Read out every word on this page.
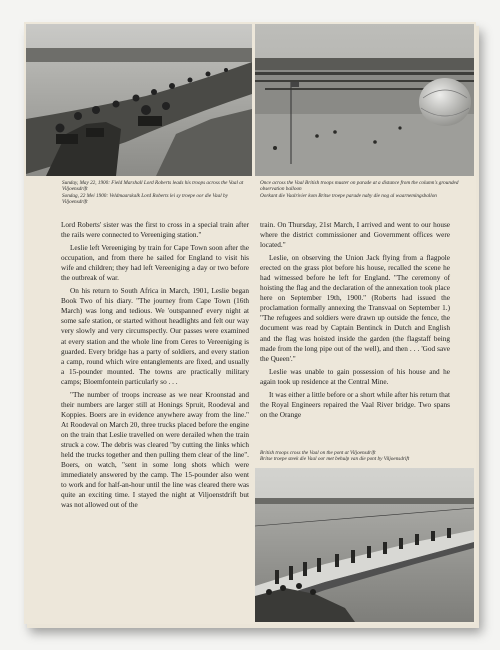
Sunday, May 22, 1900: Field Marshall Lord Roberts leads his troops across the Vaal at Viljoensdrift

Sondag, 22 Mei 1900: Veldmaarskalk Lord Roberts lei sy troepe oor die Vaal by Viljoensdrift

Once across the Vaal British troops muster on parade at a distance from the column's grounded observation balloon

Oorkant die Vaalrivier kom Britse troepe parade naby die nog al waarnemingsballon

Lord Roberts' sister was the first to cross in a special train after the rails were connected to Vereeniging station."

Leslie left Vereeniging by train for Cape Town soon after the occupation, and from there he sailed for England to visit his wife and children; they had left Vereeniging a day or two before the outbreak of war.

On his return to South Africa in March, 1901, Leslie began Book Two of his diary. "The journey from Cape Town (16th March) was long and tedious. We 'outspanned' every night at some safe station, or started without headlights and felt our way very slowly and very circumspectly. Our passes were examined at every station and the whole line from Ceres to Vereeniging is guarded. Every bridge has a party of soldiers, and every station a camp, round which wire entanglements are fixed, and usually a 15-pounder mounted. The towns are practically military camps; Bloemfontein particularly so . . .

"The number of troops increase as we near Kroonstad and their numbers are larger still at Honings Spruit, Roodeval and Koppies. Boers are in evidence anywhere away from the line." At Roodeval on March 20, three trucks placed before the engine on the train that Leslie travelled on were derailed when the train struck a cow. The debris was cleared "by cutting the links which held the trucks together and then pulling them clear of the line". Boers, on watch, "sent in some long shots which were immediately answered by the camp. The 15-pounder also went to work and for half-an-hour until the line was cleared there was quite an exciting time. I stayed the night at Viljoenstdrift but was not allowed out of the

train. On Thursday, 21st March, I arrived and went to our house where the district commissioner and Government offices were located."

Leslie, on observing the Union Jack flying from a flagpole erected on the grass plot before his house, recalled the scene he had witnessed before he left for England. "The ceremony of hoisting the flag and the declaration of the annexation took place here on September 19th, 1900." (Roberts had issued the proclamation formally annexing the Transvaal on September 1.) "The refugees and soldiers were drawn up outside the fence, the document was read by Captain Bentinck in Dutch and English and the flag was hoisted inside the garden (the flagstaff being made from the long pipe out of the well), and then . . . 'God save the Queen'."

Leslie was unable to gain possession of his house and he again took up residence at the Central Mine.

It was either a little before or a short while after his return that the Royal Engineers repaired the Vaal River bridge. Two spans on the Orange

British troops cross the Vaal on the pont at Viljoensdrift

Britse troepe steek die Vaal oor met behulp van die pont by Viljoensdrift
